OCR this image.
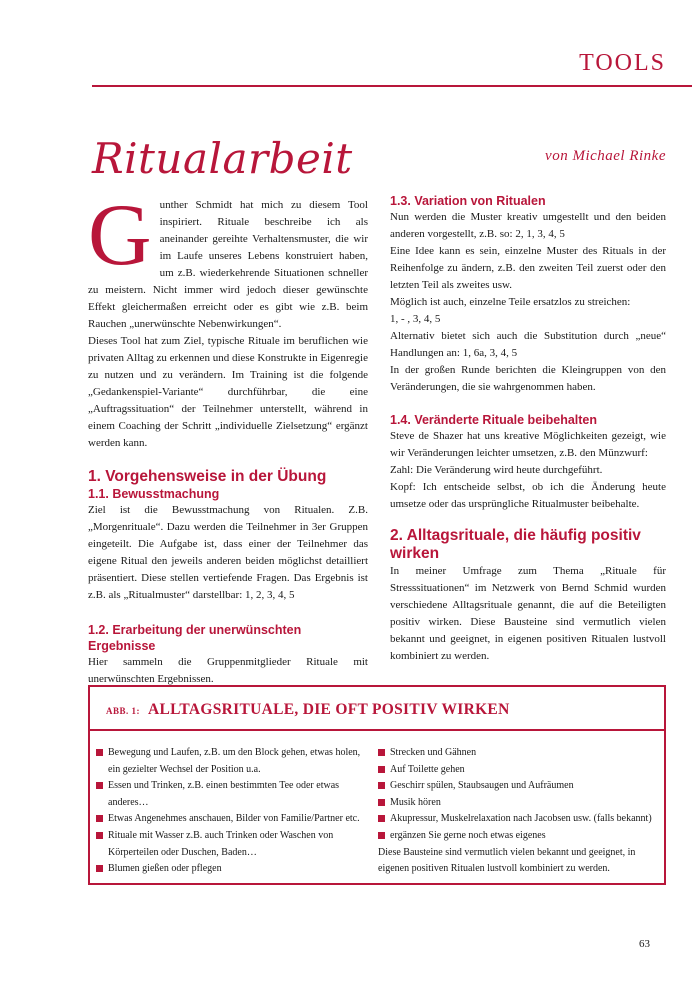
TOOLS
Ritualarbeit	von Michael Rinke

Gunther Schmidt hat mich zu diesem Tool inspiriert. Rituale beschreibe ich als aneinander gereihte Verhaltensmuster, die wir im Laufe unseres Lebens konstruiert haben, um z.B. wiederkehrende Situationen schneller zu meistern. Nicht immer wird jedoch dieser gewünschte Effekt gleichermaßen erreicht oder es gibt wie z.B. beim Rauchen „unerwünschte Nebenwirkungen“.

Dieses Tool hat zum Ziel, typische Rituale im beruflichen wie privaten Alltag zu erkennen und diese Konstrukte in Eigenregie zu nutzen und zu verändern. Im Training ist die folgende „Gedankenspiel-Variante“ durchführbar, die eine „Auftragssituation“ der Teilnehmer unterstellt, während in einem Coaching der Schritt „individuelle Zielsetzung“ ergänzt werden kann.

1. Vorgehensweise in der Übung

1.1. Bewusstmachung

Ziel ist die Bewusstmachung von Ritualen. Z.B. „Morgenrituale“. Dazu werden die Teilnehmer in 3er Gruppen eingeteilt. Die Aufgabe ist, dass einer der Teilnehmer das eigene Ritual den jeweils anderen beiden möglichst detailliert präsentiert. Diese stellen vertiefende Fragen. Das Ergebnis ist z.B. als „Ritualmuster“ darstellbar: 1, 2, 3, 4, 5

1.2. Erarbeitung der unerwünschten Ergebnisse

Hier sammeln die Gruppenmitglieder Rituale mit unerwünschten Ergebnissen.

1.3. Variation von Ritualen

Nun werden die Muster kreativ umgestellt und den beiden anderen vorgestellt, z.B. so: 2, 1, 3, 4, 5

Eine Idee kann es sein, einzelne Muster des Rituals in der Reihenfolge zu ändern, z.B. den zweiten Teil zuerst oder den letzten Teil als zweites usw.

Möglich ist auch, einzelne Teile ersatzlos zu streichen:

1, - , 3, 4, 5

Alternativ bietet sich auch die Substitution durch „neue“ Handlungen an: 1, 6a, 3, 4, 5

In der großen Runde berichten die Kleingruppen von den Veränderungen, die sie wahrgenommen haben.

1.4. Veränderte Rituale beibehalten

Steve de Shazer hat uns kreative Möglichkeiten gezeigt, wie wir Veränderungen leichter umsetzen, z.B. den Münzwurf:

Zahl: Die Veränderung wird heute durchgeführt.

Kopf: Ich entscheide selbst, ob ich die Änderung heute umsetze oder das ursprüngliche Ritualmuster beibehalte.

2. Alltagsrituale, die häufig positiv wirken

In meiner Umfrage zum Thema „Rituale für Stresssituationen“ im Netzwerk von Bernd Schmid wurden verschiedene Alltagsrituale genannt, die auf die Beteiligten positiv wirken. Diese Bausteine sind vermutlich vielen bekannt und geeignet, in eigenen positiven Ritualen lustvoll kombiniert zu werden.

ABB. 1: ALLTAGSRITUALE, DIE OFT POSITIV WIRKEN
Bewegung und Laufen, z.B. um den Block gehen, etwas holen, ein gezielter Wechsel der Position u.a.
Essen und Trinken, z.B. einen bestimmten Tee oder etwas anderes…
Etwas Angenehmes anschauen, Bilder von Familie/Partner etc.
Rituale mit Wasser z.B. auch Trinken oder Waschen von Körperteilen oder Duschen, Baden…
Blumen gießen oder pflegen
Strecken und Gähnen
Auf Toilette gehen
Geschirr spülen, Staubsaugen und Aufräumen
Musik hören
Akupressur, Muskelrelaxation nach Jacobsen usw. (falls bekannt)
ergänzen Sie gerne noch etwas eigenes

Diese Bausteine sind vermutlich vielen bekannt und geeignet, in eigenen positiven Ritualen lustvoll kombiniert zu werden.

63
